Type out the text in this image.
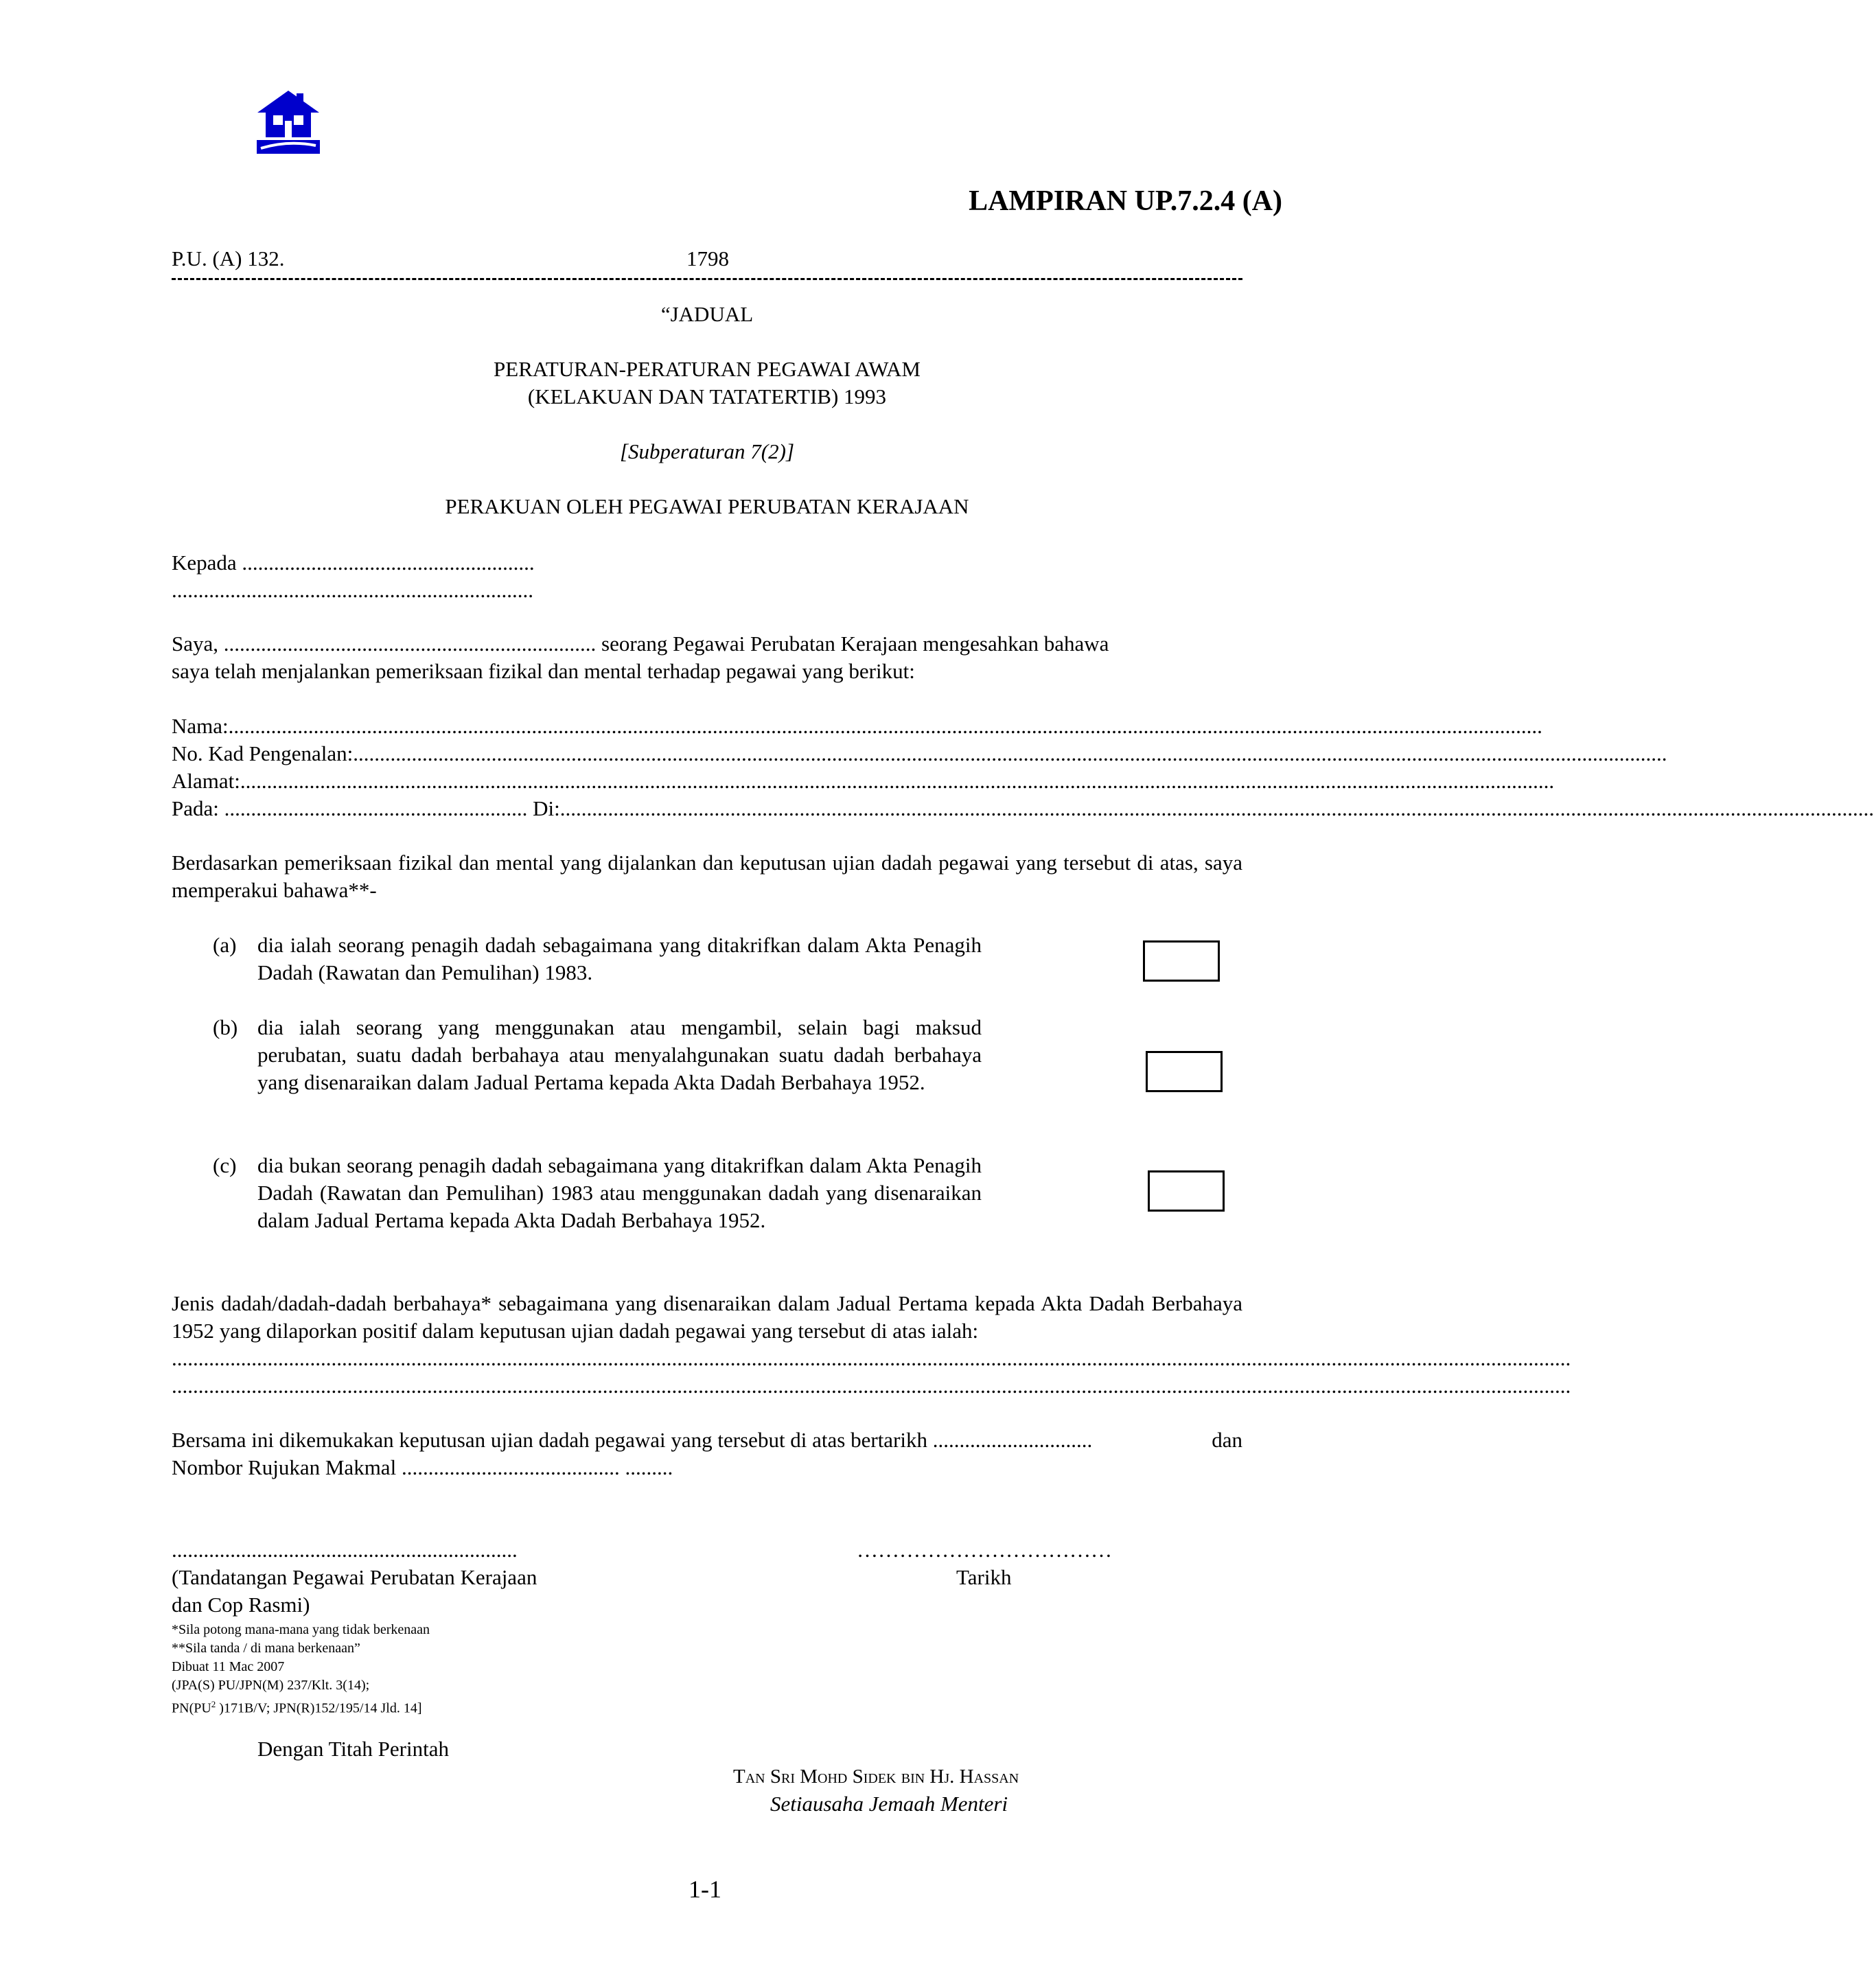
LAMPIRAN UP.7.2.4 (A)
P.U. (A) 132.	1798
“JADUAL
PERATURAN-PERATURAN PEGAWAI AWAM
(KELAKUAN DAN TATATERTIB) 1993
[Subperaturan 7(2)]
PERAKUAN OLEH PEGAWAI PERUBATAN KERAJAAN
Kepada .......................................................
....................................................................
Saya, ...................................................................... seorang Pegawai Perubatan Kerajaan mengesahkan bahawa
saya telah menjalankan pemeriksaan fizikal dan mental terhadap pegawai yang berikut:
Nama: .......................................................................................................................................................................................................................................................
No. Kad Pengenalan: .......................................................................................................................................................................................................................................................
Alamat: .......................................................................................................................................................................................................................................................
Pada:
.........................................................
Di: .......................................................................................................................................................................................................................................................
Berdasarkan pemeriksaan fizikal dan mental yang dijalankan dan keputusan ujian dadah pegawai yang tersebut di atas, saya memperakui bahawa**-
(a) dia ialah seorang penagih dadah sebagaimana yang ditakrifkan dalam Akta Penagih Dadah (Rawatan dan Pemulihan) 1983.
(b) dia ialah seorang yang menggunakan atau mengambil, selain bagi maksud perubatan, suatu dadah berbahaya atau menyalahgunakan suatu dadah berbahaya yang disenaraikan dalam Jadual Pertama kepada Akta Dadah Berbahaya 1952.
(c) dia bukan seorang penagih dadah sebagaimana yang ditakrifkan dalam Akta Penagih Dadah (Rawatan dan Pemulihan) 1983 atau menggunakan dadah yang disenaraikan dalam Jadual Pertama kepada Akta Dadah Berbahaya 1952.
Jenis dadah/dadah-dadah berbahaya* sebagaimana yang disenaraikan dalam Jadual Pertama kepada Akta Dadah Berbahaya 1952 yang dilaporkan positif dalam keputusan ujian dadah pegawai yang tersebut di atas ialah:
.......................................................................................................................................................................................................................................................................
.......................................................................................................................................................................................................................................................................
Bersama ini dikemukakan keputusan ujian dadah pegawai yang tersebut di atas bertarikh
..............................	dan
Nombor Rujukan Makmal ......................................... .........
.................................................................
(Tandatangan Pegawai Perubatan Kerajaan
dan Cop Rasmi)
………………………………
Tarikh
*Sila potong mana-mana yang tidak berkenaan
**Sila tanda / di mana berkenaan”
Dibuat 11 Mac 2007
(JPA(S) PU/JPN(M) 237/Klt. 3(14);
$PN(PU^2$ )171B/V; JPN(R)152/195/14 Jld. 14]
Dengan Titah Perintah
Tan Sri Mohd Sidek bin Hj. Hassan
Setiausaha Jemaah Menteri
1-1
